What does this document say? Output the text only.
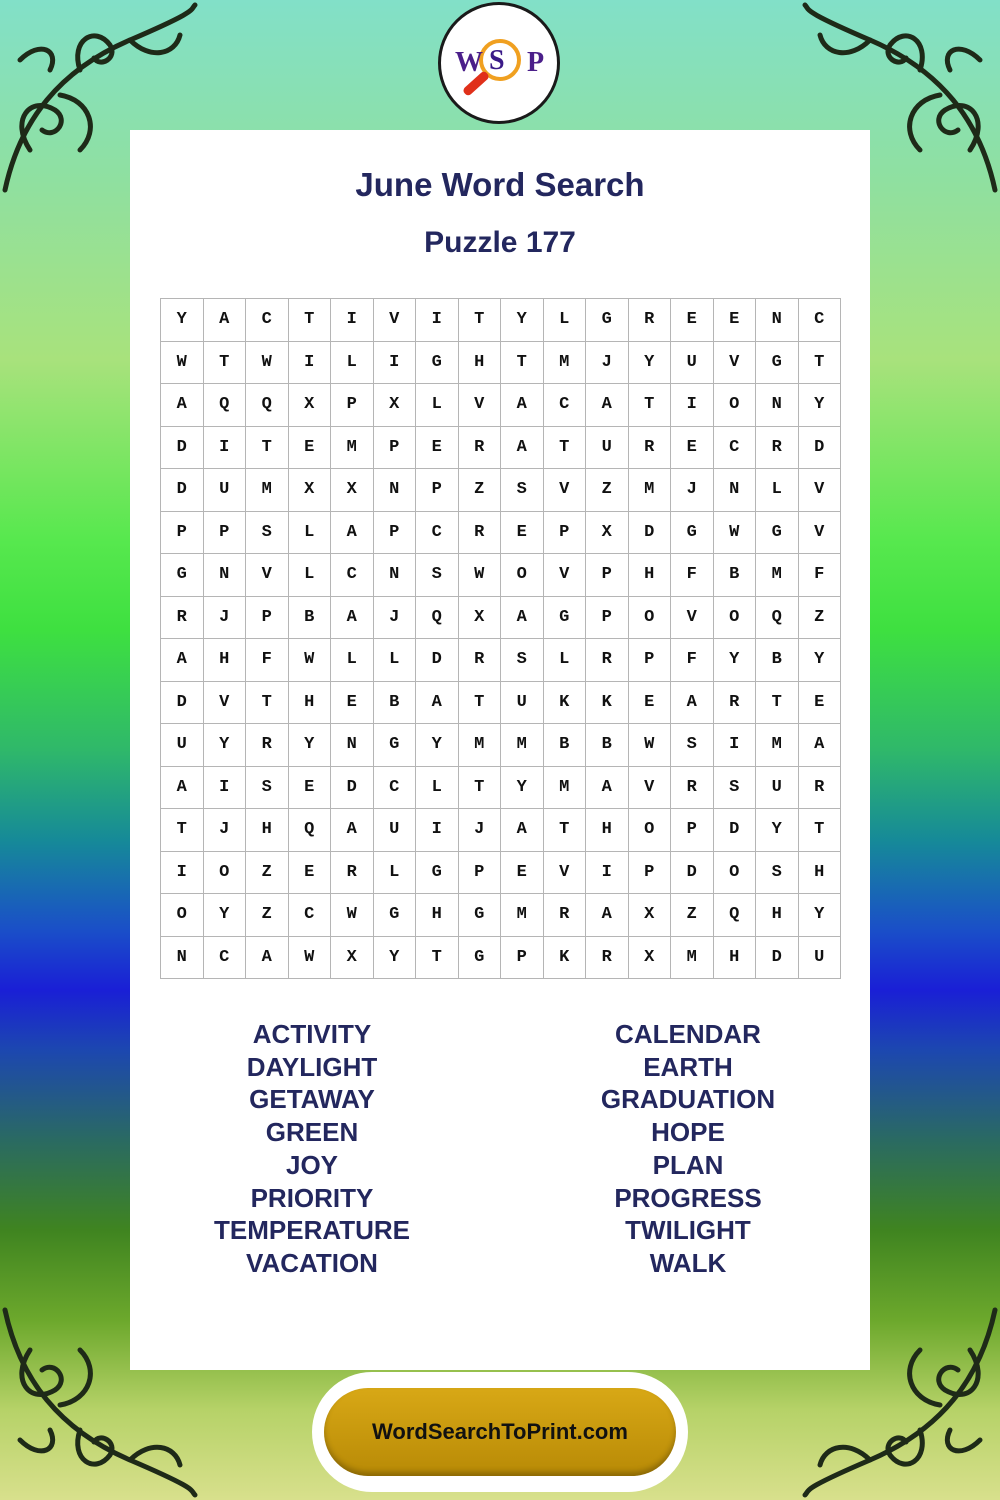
W S P
June Word Search
Puzzle 177
Y	A	C	T	I	V	I	T	Y	L	G	R	E	E	N	C
W	T	W	I	L	I	G	H	T	M	J	Y	U	V	G	T
A	Q	Q	X	P	X	L	V	A	C	A	T	I	O	N	Y
D	I	T	E	M	P	E	R	A	T	U	R	E	C	R	D
D	U	M	X	X	N	P	Z	S	V	Z	M	J	N	L	V
P	P	S	L	A	P	C	R	E	P	X	D	G	W	G	V
G	N	V	L	C	N	S	W	O	V	P	H	F	B	M	F
R	J	P	B	A	J	Q	X	A	G	P	O	V	O	Q	Z
A	H	F	W	L	L	D	R	S	L	R	P	F	Y	B	Y
D	V	T	H	E	B	A	T	U	K	K	E	A	R	T	E
U	Y	R	Y	N	G	Y	M	M	B	B	W	S	I	M	A
A	I	S	E	D	C	L	T	Y	M	A	V	R	S	U	R
T	J	H	Q	A	U	I	J	A	T	H	O	P	D	Y	T
I	O	Z	E	R	L	G	P	E	V	I	P	D	O	S	H
O	Y	Z	C	W	G	H	G	M	R	A	X	Z	Q	H	Y
N	C	A	W	X	Y	T	G	P	K	R	X	M	H	D	U
ACTIVITY
DAYLIGHT
GETAWAY
GREEN
JOY
PRIORITY
TEMPERATURE
VACATION
CALENDAR
EARTH
GRADUATION
HOPE
PLAN
PROGRESS
TWILIGHT
WALK
WordSearchToPrint.com
